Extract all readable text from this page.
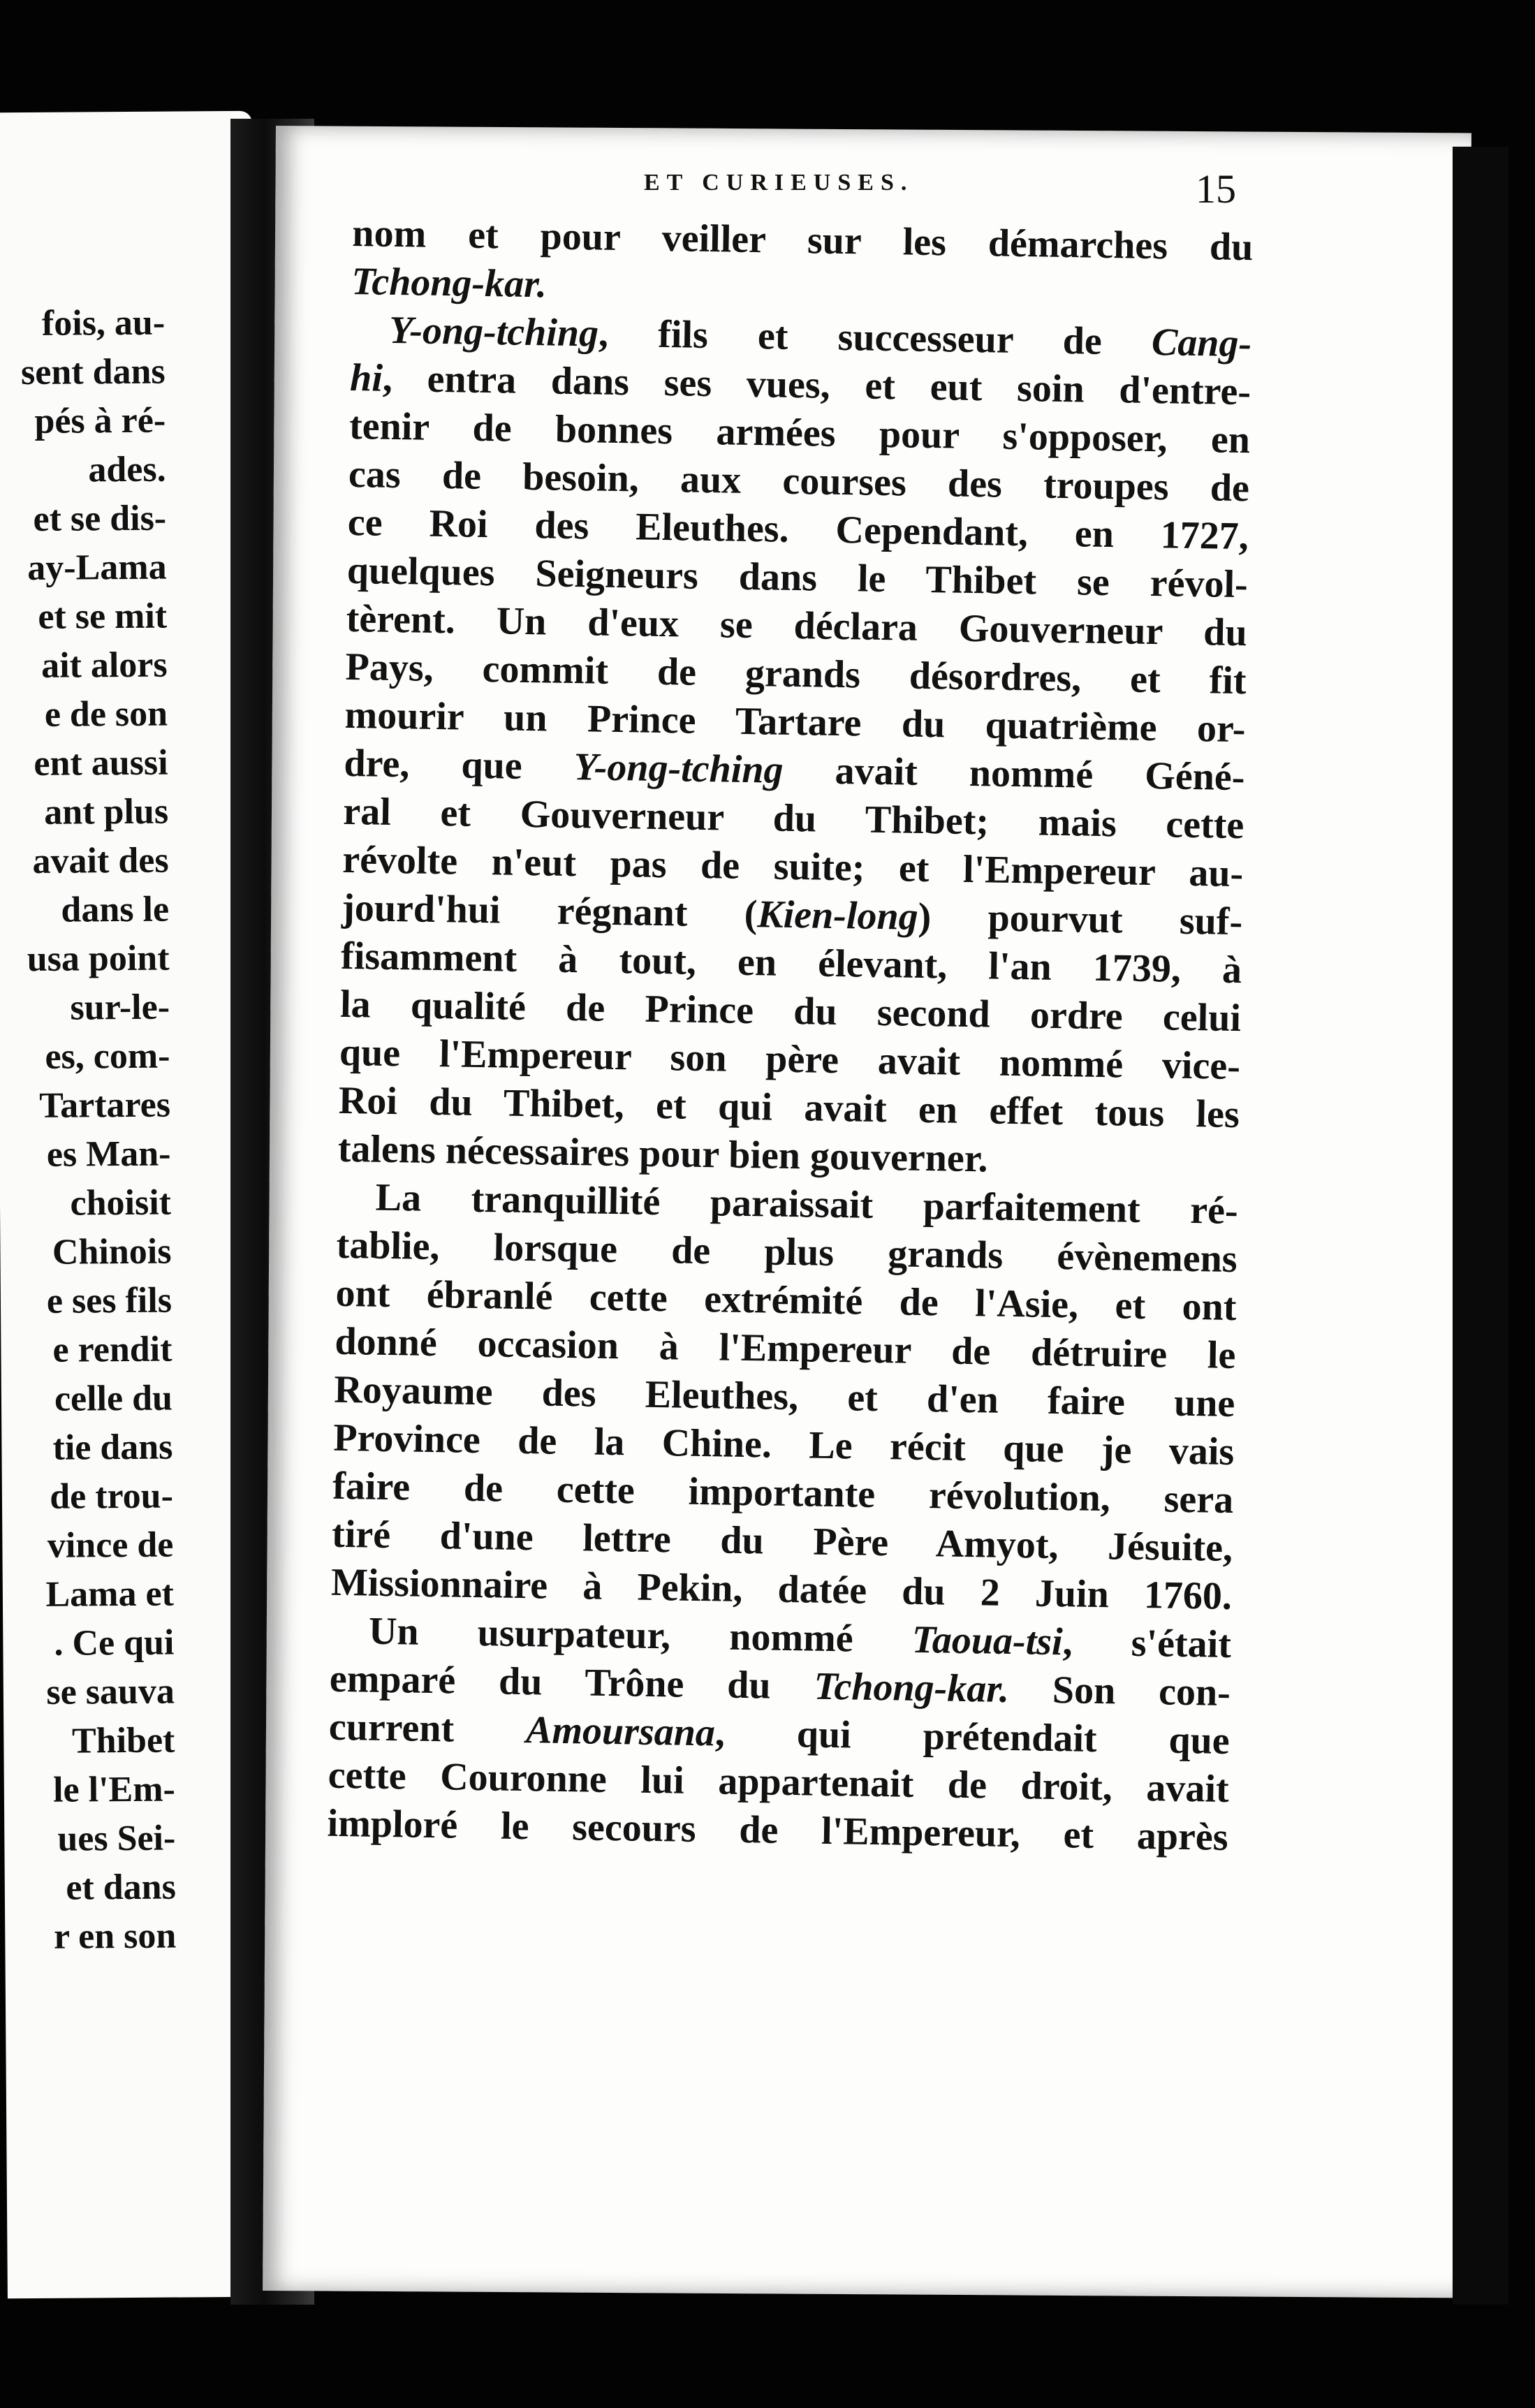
fois, au-
sent dans
pés à ré-
ades.
et se dis-
ay-Lama
et se mit
ait alors
e de son
ent aussi
ant plus
avait des
dans le
usa point
sur-le-
es, com-
Tartares
es Man-
choisit
Chinois
e ses fils
e rendit
celle du
tie dans
de trou-
vince de
Lama et
. Ce qui
se sauva
Thibet
le l'Em-
ues Sei-
et dans
r en son
ET CURIEUSES.	15
nom et pour veiller sur les démarches du
Tchong-kar.
Y-ong-tching, fils et successeur de Cang-
hi, entra dans ses vues, et eut soin d'entre-
tenir de bonnes armées pour s'opposer, en
cas de besoin, aux courses des troupes de
ce Roi des Eleuthes. Cependant, en 1727,
quelques Seigneurs dans le Thibet se révol-
tèrent. Un d'eux se déclara Gouverneur du
Pays, commit de grands désordres, et fit
mourir un Prince Tartare du quatrième or-
dre, que Y-ong-tching avait nommé Géné-
ral et Gouverneur du Thibet; mais cette
révolte n'eut pas de suite; et l'Empereur au-
jourd'hui régnant (Kien-long) pourvut suf-
fisamment à tout, en élevant, l'an 1739, à
la qualité de Prince du second ordre celui
que l'Empereur son père avait nommé vice-
Roi du Thibet, et qui avait en effet tous les
talens nécessaires pour bien gouverner.
La tranquillité paraissait parfaitement ré-
tablie, lorsque de plus grands évènemens
ont ébranlé cette extrémité de l'Asie, et ont
donné occasion à l'Empereur de détruire le
Royaume des Eleuthes, et d'en faire une
Province de la Chine. Le récit que je vais
faire de cette importante révolution, sera
tiré d'une lettre du Père Amyot, Jésuite,
Missionnaire à Pekin, datée du 2 Juin 1760.
Un usurpateur, nommé Taoua-tsi, s'était
emparé du Trône du Tchong-kar. Son con-
current Amoursana, qui prétendait que
cette Couronne lui appartenait de droit, avait
imploré le secours de l'Empereur, et après
